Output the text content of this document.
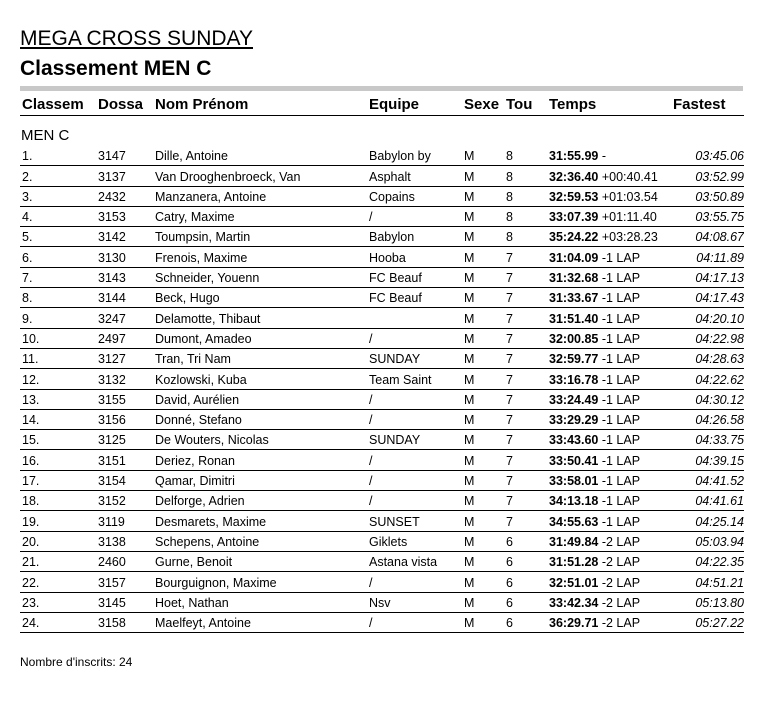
MEGA CROSS SUNDAY
Classement MEN C
Classem	Dossa	Nom Prénom	Equipe	Sexe	Tou	Temps	Fastest
MEN C							
1.	3147	Dille, Antoine	Babylon by	M	8	31:55.99 -	03:45.06
2.	3137	Van Drooghenbroeck, Van	Asphalt	M	8	32:36.40 +00:40.41	03:52.99
3.	2432	Manzanera, Antoine	Copains	M	8	32:59.53 +01:03.54	03:50.89
4.	3153	Catry, Maxime	/	M	8	33:07.39 +01:11.40	03:55.75
5.	3142	Toumpsin, Martin	Babylon	M	8	35:24.22 +03:28.23	04:08.67
6.	3130	Frenois, Maxime	Hooba	M	7	31:04.09 -1 LAP	04:11.89
7.	3143	Schneider, Youenn	FC Beauf	M	7	31:32.68 -1 LAP	04:17.13
8.	3144	Beck, Hugo	FC Beauf	M	7	31:33.67 -1 LAP	04:17.43
9.	3247	Delamotte, Thibaut		M	7	31:51.40 -1 LAP	04:20.10
10.	2497	Dumont, Amadeo	/	M	7	32:00.85 -1 LAP	04:22.98
11.	3127	Tran, Tri Nam	SUNDAY	M	7	32:59.77 -1 LAP	04:28.63
12.	3132	Kozlowski, Kuba	Team Saint	M	7	33:16.78 -1 LAP	04:22.62
13.	3155	David, Aurélien	/	M	7	33:24.49 -1 LAP	04:30.12
14.	3156	Donné, Stefano	/	M	7	33:29.29 -1 LAP	04:26.58
15.	3125	De Wouters, Nicolas	SUNDAY	M	7	33:43.60 -1 LAP	04:33.75
16.	3151	Deriez, Ronan	/	M	7	33:50.41 -1 LAP	04:39.15
17.	3154	Qamar, Dimitri	/	M	7	33:58.01 -1 LAP	04:41.52
18.	3152	Delforge, Adrien	/	M	7	34:13.18 -1 LAP	04:41.61
19.	3119	Desmarets, Maxime	SUNSET	M	7	34:55.63 -1 LAP	04:25.14
20.	3138	Schepens, Antoine	Giklets	M	6	31:49.84 -2 LAP	05:03.94
21.	2460	Gurne, Benoit	Astana vista	M	6	31:51.28 -2 LAP	04:22.35
22.	3157	Bourguignon, Maxime	/	M	6	32:51.01 -2 LAP	04:51.21
23.	3145	Hoet, Nathan	Nsv	M	6	33:42.34 -2 LAP	05:13.80
24.	3158	Maelfeyt, Antoine	/	M	6	36:29.71 -2 LAP	05:27.22
Nombre d'inscrits: 24
